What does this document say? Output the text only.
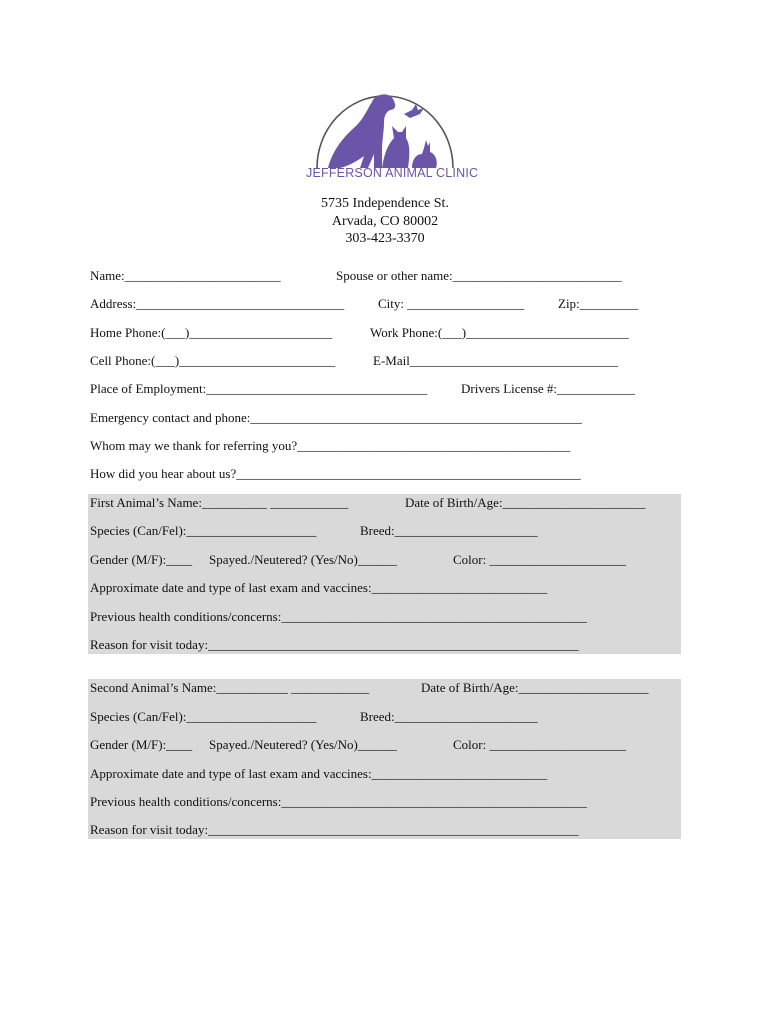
JEFFERSON ANIMAL CLINIC
5735 Independence St.
Arvada, CO 80002
303-423-3370
Name:________________________	Spouse or other name:__________________________
Address:________________________________	City: __________________	Zip:_________
Home Phone:(___)______________________	Work Phone:(___)_________________________
Cell Phone:(___)________________________	E-Mail________________________________
Place of Employment:__________________________________	Drivers License #:____________
Emergency contact and phone:___________________________________________________
Whom may we thank for referring you?__________________________________________
How did you hear about us?_____________________________________________________
First Animal’s Name:__________ ____________	Date of Birth/Age:______________________
Species (Can/Fel):____________________	Breed:______________________
Gender (M/F):____ Spayed./Neutered? (Yes/No)______	Color: _____________________
Approximate date and type of last exam and vaccines:___________________________
Previous health conditions/concerns:_______________________________________________
Reason for visit today:_________________________________________________________
Second Animal’s Name:___________ ____________	Date of Birth/Age:____________________
Species (Can/Fel):____________________	Breed:______________________
Gender (M/F):____ Spayed./Neutered? (Yes/No)______	Color: _____________________
Approximate date and type of last exam and vaccines:___________________________
Previous health conditions/concerns:_______________________________________________
Reason for visit today:_________________________________________________________
